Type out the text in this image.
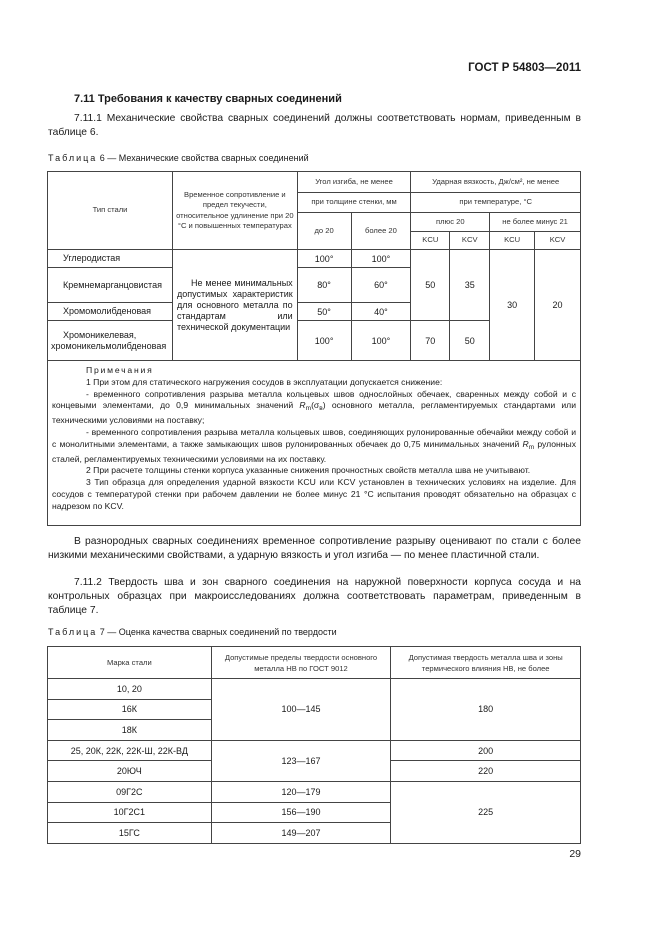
ГОСТ Р 54803—2011
7.11 Требования к качеству сварных соединений

7.11.1 Механические свойства сварных соединений должны соответствовать нормам, приведенным в таблице 6.

Таблица 6 — Механические свойства сварных соединений
Тип стали	Временное сопротивление и предел текучести, относительное удлинение при 20 °С и повышенных температурах	Угол изгиба, не менее		Ударная вязкость, Дж/см², не менее			
		при толщине стенки, мм		при температуре, °С			
		до 20	более 20	плюс 20		не более минус 21	
				KCU	KCV	KCU	KCV
Углеродистая	Не менее минимальных допустимых характеристик для основного металла по стандартам или технической документации	100°	100°	50	35	30	20
Кремнемарганцовистая		80°	60°				
Хромомолибденовая		50°	40°				
Хромоникелевая, хромоникельмолибденовая		100°	100°	70	50		
Примечания

1 При этом для статического нагружения сосудов в эксплуатации допускается снижение:

- временного сопротивления разрыва металла кольцевых швов однослойных обечаек, сваренных между собой и с концевыми элементами, до 0,9 минимальных значений $R_m(\sigma_в)$ основного металла, регламентируемых стандартами или техническими условиями на поставку;

- временного сопротивления разрыва металла кольцевых швов, соединяющих рулонированные обечайки между собой и с монолитными элементами, а также замыкающих швов рулонированных обечаек до 0,75 минимальных значений $R_m$ рулонных сталей, регламентируемых техническими условиями на их поставку.

2 При расчете толщины стенки корпуса указанные снижения прочностных свойств металла шва не учитывают.

3 Тип образца для определения ударной вязкости KCU или KCV установлен в технических условиях на изделие. Для сосудов с температурой стенки при рабочем давлении не более минус 21 °С испытания проводят обязательно на образцах с надрезом по KCV.

В разнородных сварных соединениях временное сопротивление разрыву оценивают по стали с более низкими механическими свойствами, а ударную вязкость и угол изгиба — по менее пластичной стали.

7.11.2 Твердость шва и зон сварного соединения на наружной поверхности корпуса сосуда и на контрольных образцах при макроисследованиях должна соответствовать параметрам, приведенным в таблице 7.

Таблица 7 — Оценка качества сварных соединений по твердости
Марка стали	Допустимые пределы твердости основного металла НВ по ГОСТ 9012	Допустимая твердость металла шва и зоны термического влияния НВ, не более
10, 20	100—145	180
16К		
18К		
25, 20К, 22К, 22К-Ш, 22К-ВД	123—167	200
20ЮЧ		220
09Г2С	120—179	225
10Г2С1	156—190	
15ГС	149—207	
29
